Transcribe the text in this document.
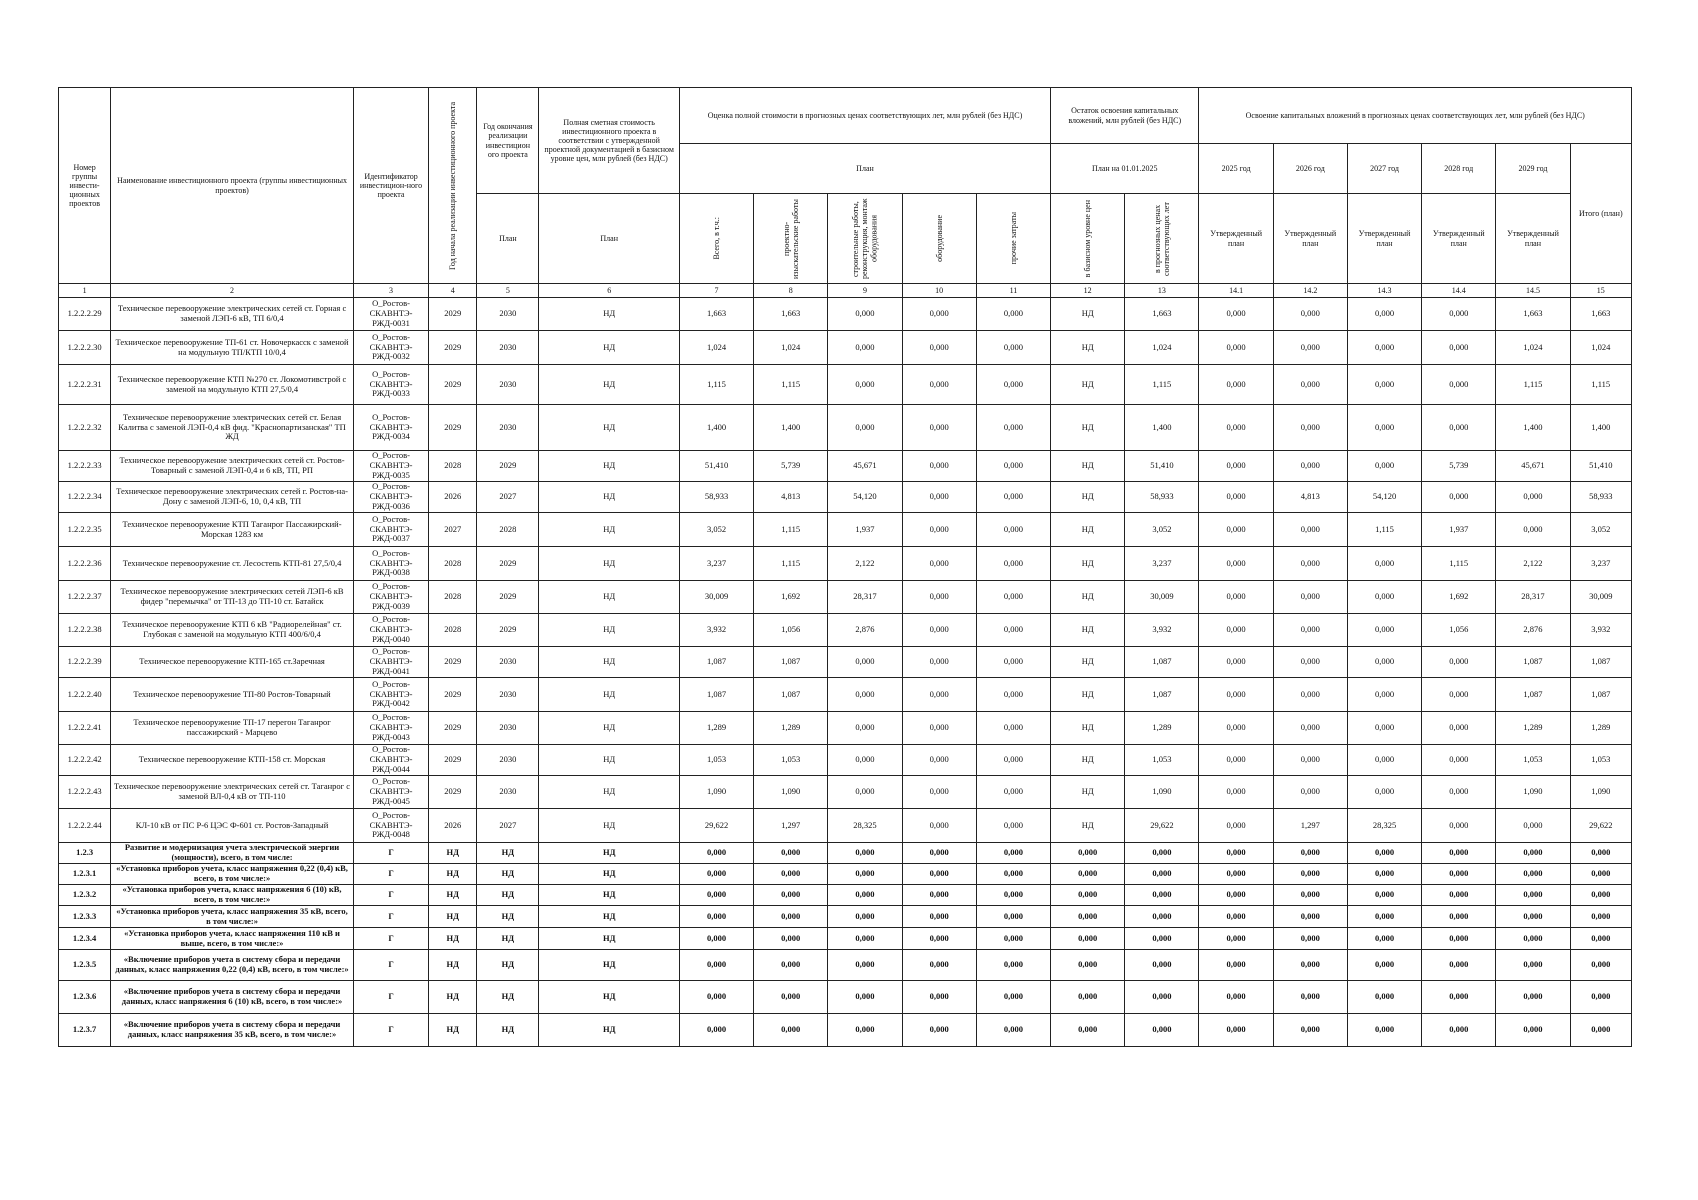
Номер группы инвести-ционных проектов	Наименование инвестиционного проекта (группы инвестиционных проектов)	Идентификатор инвестицион-ного проекта	Год начала реализации инвестиционного проекта	Год окончания реализации инвестицион ого проекта	Полная сметная стоимость инвестиционного проекта в соответствии с утвержденной проектной документацией в базисном уровне цен, млн рублей (без НДС)	Оценка полной стоимости в прогнозных ценах соответствующих лет, млн рублей (без НДС)					Остаток освоения капитальных вложений, млн рублей (без НДС)		Освоение капитальных вложений в прогнозных ценах соответствующих лет, млн рублей (без НДС)					
						План					План на 01.01.2025		2025 год	2026 год	2027 год	2028 год	2029 год	Итого (план)
				План	План	Всего, в т.ч.:	проектно-изыскательские работы	строительные работы, реконструкция, монтаж оборудования	оборудование	прочие затраты	в базисном уровне цен	в прогнозных ценах соответствующих лет	Утвержденный план	Утвержденный план	Утвержденный план	Утвержденный план	Утвержденный план	
1	2	3	4	5	6	7	8	9	10	11	12	13	14.1	14.2	14.3	14.4	14.5	15
1.2.2.2.29	Техническое перевооружение электрических сетей ст. Горная с заменой ЛЭП-6 кВ, ТП 6/0,4	O_Ростов-СКАВНТЭ-РЖД-0031	2029	2030	НД	1,663	1,663	0,000	0,000	0,000	НД	1,663	0,000	0,000	0,000	0,000	1,663	1,663
1.2.2.2.30	Техническое перевооружение ТП-61 ст. Новочеркасск с заменой на модульную ТП/КТП 10/0,4	O_Ростов-СКАВНТЭ-РЖД-0032	2029	2030	НД	1,024	1,024	0,000	0,000	0,000	НД	1,024	0,000	0,000	0,000	0,000	1,024	1,024
1.2.2.2.31	Техническое перевооружение КТП №270 ст. Локомотивстрой с заменой на модульную КТП 27,5/0,4	O_Ростов-СКАВНТЭ-РЖД-0033	2029	2030	НД	1,115	1,115	0,000	0,000	0,000	НД	1,115	0,000	0,000	0,000	0,000	1,115	1,115
1.2.2.2.32	Техническое перевооружение электрических сетей ст. Белая Калитва с заменой ЛЭП-0,4 кВ фид. "Краснопартизанская" ТП ЖД	O_Ростов-СКАВНТЭ-РЖД-0034	2029	2030	НД	1,400	1,400	0,000	0,000	0,000	НД	1,400	0,000	0,000	0,000	0,000	1,400	1,400
1.2.2.2.33	Техническое перевооружение электрических сетей ст. Ростов-Товарный с заменой ЛЭП-0,4 и 6 кВ, ТП, РП	O_Ростов-СКАВНТЭ-РЖД-0035	2028	2029	НД	51,410	5,739	45,671	0,000	0,000	НД	51,410	0,000	0,000	0,000	5,739	45,671	51,410
1.2.2.2.34	Техническое перевооружение электрических сетей г. Ростов-на-Дону с заменой ЛЭП-6, 10, 0,4 кВ, ТП	O_Ростов-СКАВНТЭ-РЖД-0036	2026	2027	НД	58,933	4,813	54,120	0,000	0,000	НД	58,933	0,000	4,813	54,120	0,000	0,000	58,933
1.2.2.2.35	Техническое перевооружение КТП Таганрог Пассажирский- Морская 1283 км	O_Ростов-СКАВНТЭ-РЖД-0037	2027	2028	НД	3,052	1,115	1,937	0,000	0,000	НД	3,052	0,000	0,000	1,115	1,937	0,000	3,052
1.2.2.2.36	Техническое перевооружение ст. Лесостепь КТП-81 27,5/0,4	O_Ростов-СКАВНТЭ-РЖД-0038	2028	2029	НД	3,237	1,115	2,122	0,000	0,000	НД	3,237	0,000	0,000	0,000	1,115	2,122	3,237
1.2.2.2.37	Техническое перевооружение электрических сетей ЛЭП-6 кВ фидер "перемычка" от ТП-13 до ТП-10 ст. Батайск	O_Ростов-СКАВНТЭ-РЖД-0039	2028	2029	НД	30,009	1,692	28,317	0,000	0,000	НД	30,009	0,000	0,000	0,000	1,692	28,317	30,009
1.2.2.2.38	Техническое перевооружение КТП 6 кВ "Радиорелейная" ст. Глубокая с заменой на модульную КТП 400/6/0,4	O_Ростов-СКАВНТЭ-РЖД-0040	2028	2029	НД	3,932	1,056	2,876	0,000	0,000	НД	3,932	0,000	0,000	0,000	1,056	2,876	3,932
1.2.2.2.39	Техническое перевооружение КТП-165 ст.Заречная	O_Ростов-СКАВНТЭ-РЖД-0041	2029	2030	НД	1,087	1,087	0,000	0,000	0,000	НД	1,087	0,000	0,000	0,000	0,000	1,087	1,087
1.2.2.2.40	Техническое перевооружение ТП-80 Ростов-Товарный	O_Ростов-СКАВНТЭ-РЖД-0042	2029	2030	НД	1,087	1,087	0,000	0,000	0,000	НД	1,087	0,000	0,000	0,000	0,000	1,087	1,087
1.2.2.2.41	Техническое перевооружение ТП-17 перегон Таганрог пассажирский - Марцево	O_Ростов-СКАВНТЭ-РЖД-0043	2029	2030	НД	1,289	1,289	0,000	0,000	0,000	НД	1,289	0,000	0,000	0,000	0,000	1,289	1,289
1.2.2.2.42	Техническое перевооружение КТП-158 ст. Морская	O_Ростов-СКАВНТЭ-РЖД-0044	2029	2030	НД	1,053	1,053	0,000	0,000	0,000	НД	1,053	0,000	0,000	0,000	0,000	1,053	1,053
1.2.2.2.43	Техническое перевооружение электрических сетей ст. Таганрог с заменой ВЛ-0,4 кВ от ТП-110	O_Ростов-СКАВНТЭ-РЖД-0045	2029	2030	НД	1,090	1,090	0,000	0,000	0,000	НД	1,090	0,000	0,000	0,000	0,000	1,090	1,090
1.2.2.2.44	КЛ-10 кВ от ПС Р-6 ЦЭС Ф-601 ст. Ростов-Западный	O_Ростов-СКАВНТЭ-РЖД-0048	2026	2027	НД	29,622	1,297	28,325	0,000	0,000	НД	29,622	0,000	1,297	28,325	0,000	0,000	29,622
1.2.3	Развитие и модернизация учета электрической энергии (мощности), всего, в том числе:	Г	НД	НД	НД	0,000	0,000	0,000	0,000	0,000	0,000	0,000	0,000	0,000	0,000	0,000	0,000	0,000
1.2.3.1	«Установка приборов учета, класс напряжения 0,22 (0,4) кВ, всего, в том числе:»	Г	НД	НД	НД	0,000	0,000	0,000	0,000	0,000	0,000	0,000	0,000	0,000	0,000	0,000	0,000	0,000
1.2.3.2	«Установка приборов учета, класс напряжения 6 (10) кВ, всего, в том числе:»	Г	НД	НД	НД	0,000	0,000	0,000	0,000	0,000	0,000	0,000	0,000	0,000	0,000	0,000	0,000	0,000
1.2.3.3	«Установка приборов учета, класс напряжения 35 кВ, всего, в том числе:»	Г	НД	НД	НД	0,000	0,000	0,000	0,000	0,000	0,000	0,000	0,000	0,000	0,000	0,000	0,000	0,000
1.2.3.4	«Установка приборов учета, класс напряжения 110 кВ и выше, всего, в том числе:»	Г	НД	НД	НД	0,000	0,000	0,000	0,000	0,000	0,000	0,000	0,000	0,000	0,000	0,000	0,000	0,000
1.2.3.5	«Включение приборов учета в систему сбора и передачи данных, класс напряжения 0,22 (0,4) кВ, всего, в том числе:»	Г	НД	НД	НД	0,000	0,000	0,000	0,000	0,000	0,000	0,000	0,000	0,000	0,000	0,000	0,000	0,000
1.2.3.6	«Включение приборов учета в систему сбора и передачи данных, класс напряжения 6 (10) кВ, всего, в том числе:»	Г	НД	НД	НД	0,000	0,000	0,000	0,000	0,000	0,000	0,000	0,000	0,000	0,000	0,000	0,000	0,000
1.2.3.7	«Включение приборов учета в систему сбора и передачи данных, класс напряжения 35 кВ, всего, в том числе:»	Г	НД	НД	НД	0,000	0,000	0,000	0,000	0,000	0,000	0,000	0,000	0,000	0,000	0,000	0,000	0,000
